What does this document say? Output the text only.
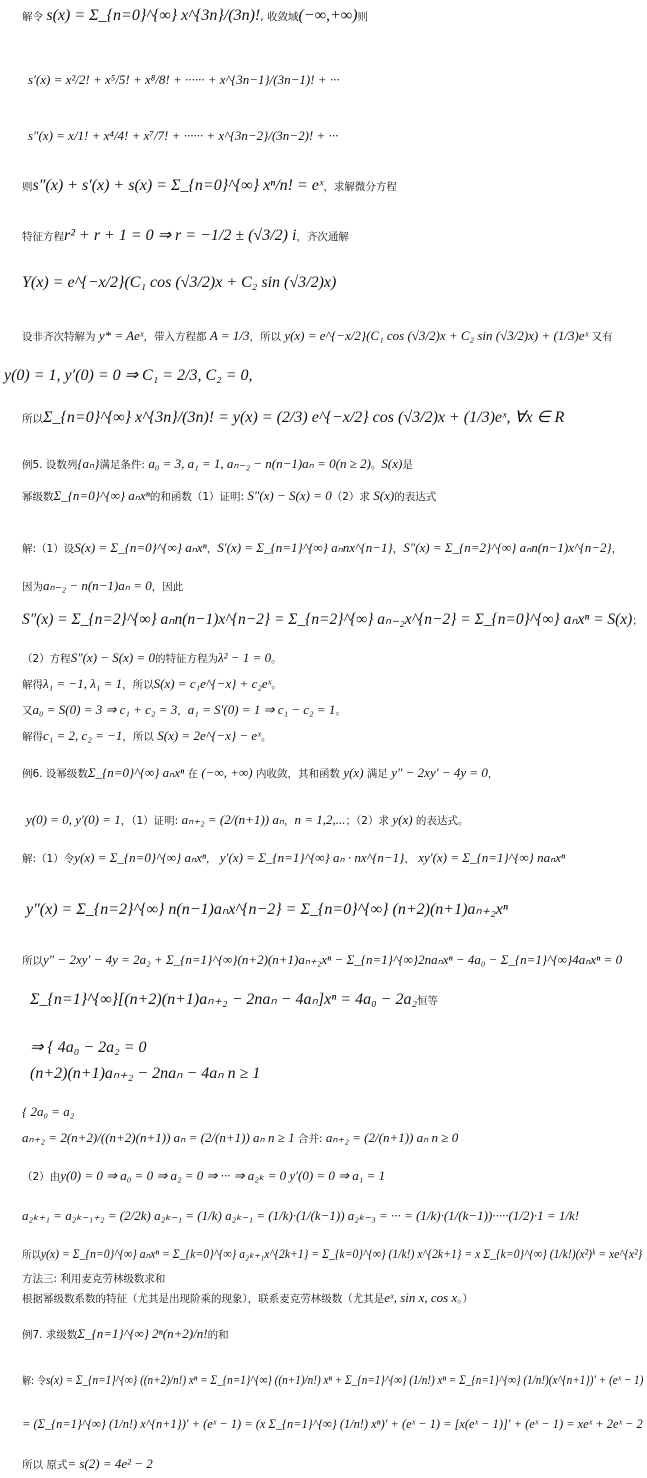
解令 s(x) = Σ_{n=0}^{∞} x^{3n}/(3n)!, 收敛域(−∞,+∞)则
s′(x) = x²/2! + x⁵/5! + x⁸/8! + ······ + x^{3n−1}/(3n−1)! + ···
s″(x) = x/1! + x⁴/4! + x⁷/7! + ······ + x^{3n−2}/(3n−2)! + ···
则s″(x) + s′(x) + s(x) = Σ_{n=0}^{∞} xⁿ/n! = eˣ，求解微分方程
特征方程r² + r + 1 = 0 ⇒ r = −1/2 ± (√3/2) i，齐次通解
Y(x) = e^{−x/2}(C₁ cos (√3/2)x + C₂ sin (√3/2)x)
设非齐次特解为 y* = Aeˣ，带入方程都 A = 1/3，所以 y(x) = e^{−x/2}(C₁ cos (√3/2)x + C₂ sin (√3/2)x) + (1/3)eˣ 又有
y(0) = 1, y′(0) = 0 ⇒ C₁ = 2/3, C₂ = 0,
所以Σ_{n=0}^{∞} x^{3n}/(3n)! = y(x) = (2/3) e^{−x/2} cos (√3/2)x + (1/3)eˣ, ∀x ∈ R
例5. 设数列{aₙ}满足条件: a₀ = 3, a₁ = 1, aₙ₋₂ − n(n−1)aₙ = 0(n ≥ 2)。S(x)是
幂级数Σ_{n=0}^{∞} aₙxⁿ的和函数（1）证明: S″(x) − S(x) = 0（2）求 S(x)的表达式
解:（1）设S(x) = Σ_{n=0}^{∞} aₙxⁿ，S′(x) = Σ_{n=1}^{∞} aₙnx^{n−1}，S″(x) = Σ_{n=2}^{∞} aₙn(n−1)x^{n−2}，
因为aₙ₋₂ − n(n−1)aₙ = 0，因此
S″(x) = Σ_{n=2}^{∞} aₙn(n−1)x^{n−2} = Σ_{n=2}^{∞} aₙ₋₂x^{n−2} = Σ_{n=0}^{∞} aₙxⁿ = S(x)；
（2）方程S″(x) − S(x) = 0的特征方程为λ² − 1 = 0。
解得λ₁ = −1, λ₁ = 1，所以S(x) = c₁e^{−x} + c₂eˣ。
又a₀ = S(0) = 3 ⇒ c₁ + c₂ = 3，a₁ = S′(0) = 1 ⇒ c₁ − c₂ = 1。
解得c₁ = 2, c₂ = −1，所以 S(x) = 2e^{−x} − eˣ。
例6. 设幂级数Σ_{n=0}^{∞} aₙxⁿ 在 (−∞, +∞) 内收敛，其和函数 y(x) 满足 y″ − 2xy′ − 4y = 0，
y(0) = 0, y′(0) = 1，（1）证明: aₙ₊₂ = (2/(n+1)) aₙ，n = 1,2,...；（2）求 y(x) 的表达式。
解:（1）令y(x) = Σ_{n=0}^{∞} aₙxⁿ， y′(x) = Σ_{n=1}^{∞} aₙ · nx^{n−1}， xy′(x) = Σ_{n=1}^{∞} naₙxⁿ
y″(x) = Σ_{n=2}^{∞} n(n−1)aₙx^{n−2} = Σ_{n=0}^{∞} (n+2)(n+1)aₙ₊₂xⁿ
所以y″ − 2xy′ − 4y = 2a₂ + Σ_{n=1}^{∞}(n+2)(n+1)aₙ₊₂xⁿ − Σ_{n=1}^{∞}2naₙxⁿ − 4a₀ − Σ_{n=1}^{∞}4aₙxⁿ = 0
Σ_{n=1}^{∞}[(n+2)(n+1)aₙ₊₂ − 2naₙ − 4aₙ]xⁿ = 4a₀ − 2a₂恒等
⇒ { 4a₀ − 2a₂ = 0
(n+2)(n+1)aₙ₊₂ − 2naₙ − 4aₙ n ≥ 1
{ 2a₀ = a₂
aₙ₊₂ = 2(n+2)/((n+2)(n+1)) aₙ = (2/(n+1)) aₙ n ≥ 1 合并: aₙ₊₂ = (2/(n+1)) aₙ n ≥ 0
（2）由y(0) = 0 ⇒ a₀ = 0 ⇒ a₂ = 0 ⇒ ··· ⇒ a₂ₖ = 0 y′(0) = 0 ⇒ a₁ = 1
a₂ₖ₊₁ = a₂ₖ₋₁₊₂ = (2/2k) a₂ₖ₋₁ = (1/k) a₂ₖ₋₁ = (1/k)·(1/(k−1)) a₂ₖ₋₃ = ··· = (1/k)·(1/(k−1))·····(1/2)·1 = 1/k!
所以y(x) = Σ_{n=0}^{∞} aₙxⁿ = Σ_{k=0}^{∞} a₂ₖ₊₁x^{2k+1} = Σ_{k=0}^{∞} (1/k!) x^{2k+1} = x Σ_{k=0}^{∞} (1/k!)(x²)ᵏ = xe^{x²}
方法三: 利用麦克劳林级数求和
根据幂级数系数的特征（尤其是出现阶乘的现象），联系麦克劳林级数（尤其是eˣ, sin x, cos x。）
例7. 求级数Σ_{n=1}^{∞} 2ⁿ(n+2)/n!的和
解: 令s(x) = Σ_{n=1}^{∞} ((n+2)/n!) xⁿ = Σ_{n=1}^{∞} ((n+1)/n!) xⁿ + Σ_{n=1}^{∞} (1/n!) xⁿ = Σ_{n=1}^{∞} (1/n!)(x^{n+1})′ + (eˣ − 1)
= (Σ_{n=1}^{∞} (1/n!) x^{n+1})′ + (eˣ − 1) = (x Σ_{n=1}^{∞} (1/n!) xⁿ)′ + (eˣ − 1) = [x(eˣ − 1)]′ + (eˣ − 1) = xeˣ + 2eˣ − 2
所以 原式= s(2) = 4e² − 2
